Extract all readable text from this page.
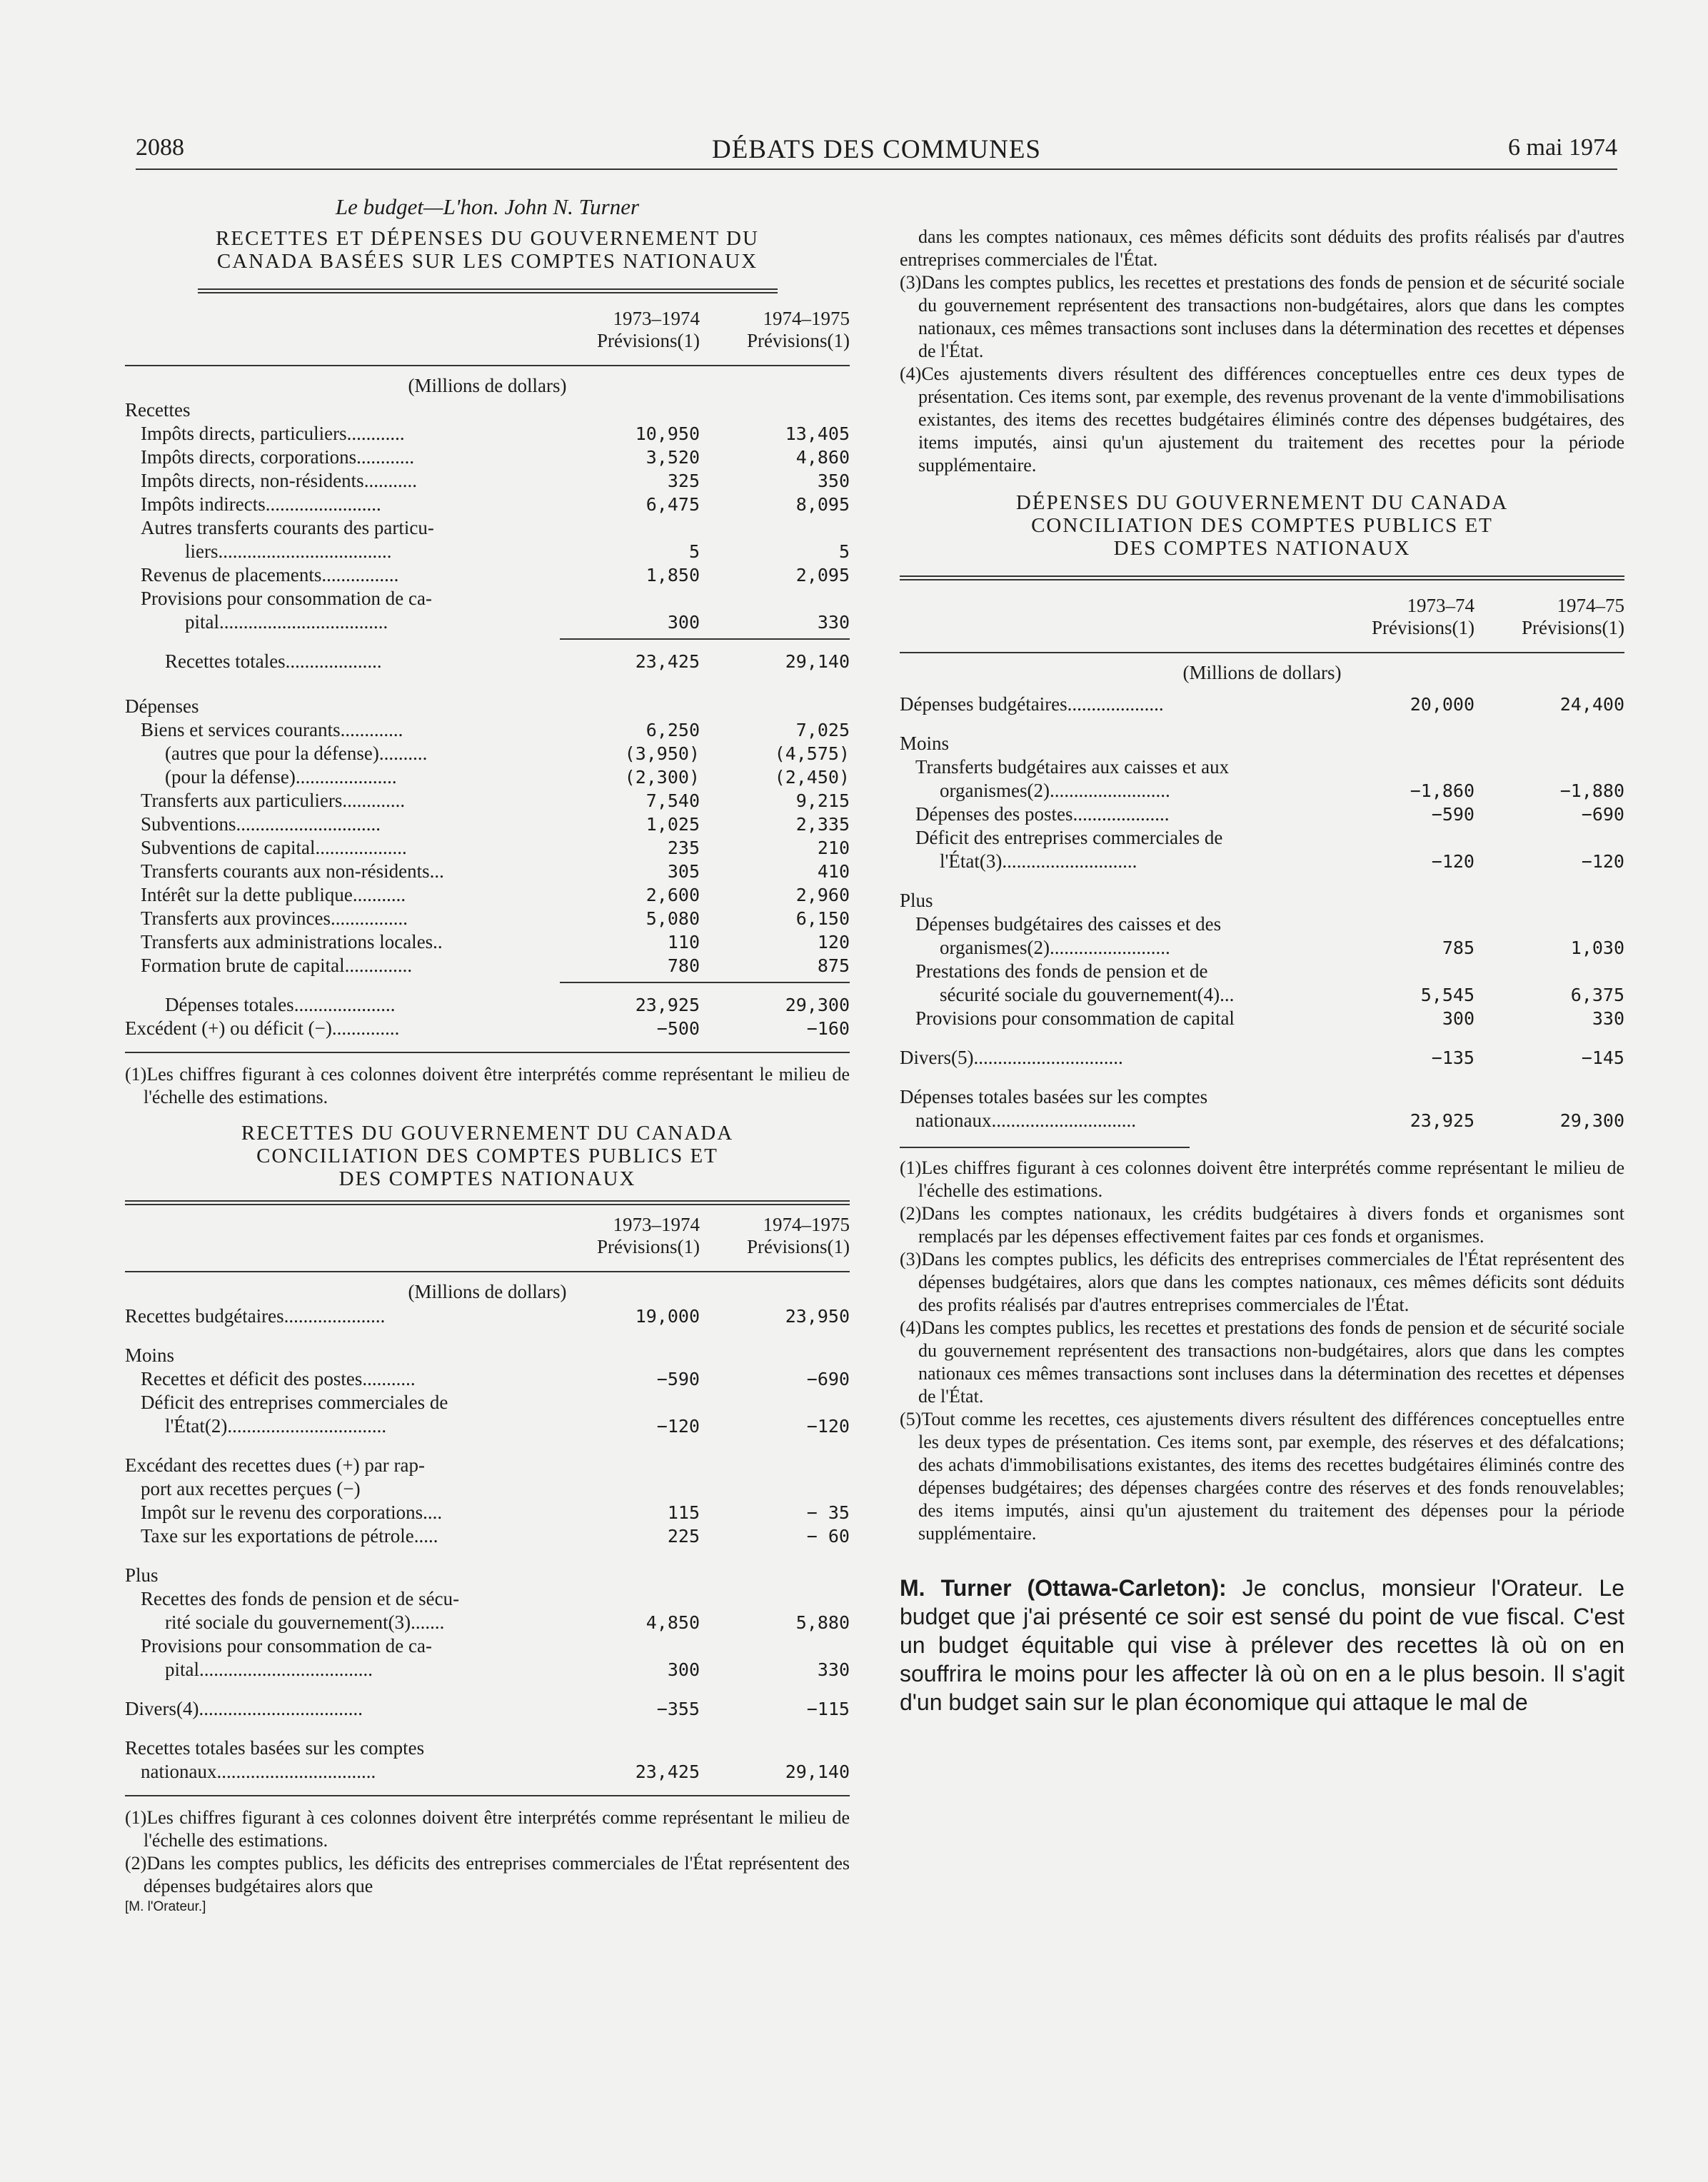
2088	DÉBATS DES COMMUNES	6 mai 1974
Le budget—L'hon. John N. Turner
RECETTES ET DÉPENSES DU GOUVERNEMENT DU
CANADA BASÉES SUR LES COMPTES NATIONAUX
1973–1974	1974–1975
Prévisions(1)	Prévisions(1)
(Millions de dollars)
Recettes
Impôts directs, particuliers............	10,950	13,405
Impôts directs, corporations............	3,520	4,860
Impôts directs, non-résidents...........	325	350
Impôts indirects........................	6,475	8,095
Autres transferts courants des particu-
liers....................................	5	5
Revenus de placements................	1,850	2,095
Provisions pour consommation de ca-
pital...................................	300	330
Recettes totales....................	23,425	29,140
Dépenses
Biens et services courants.............	6,250	7,025
(autres que pour la défense)..........	(3,950)	(4,575)
(pour la défense).....................	(2,300)	(2,450)
Transferts aux particuliers.............	7,540	9,215
Subventions..............................	1,025	2,335
Subventions de capital...................	235	210
Transferts courants aux non-résidents...	305	410
Intérêt sur la dette publique...........	2,600	2,960
Transferts aux provinces................	5,080	6,150
Transferts aux administrations locales..	110	120
Formation brute de capital..............	780	875
Dépenses totales.....................	23,925	29,300
Excédent (+) ou déficit (−)..............	−500	−160
(1)Les chiffres figurant à ces colonnes doivent être interprétés comme représentant le milieu de l'échelle des estimations.
RECETTES DU GOUVERNEMENT DU CANADA
CONCILIATION DES COMPTES PUBLICS ET
DES COMPTES NATIONAUX
1973–1974	1974–1975
Prévisions(1)	Prévisions(1)
(Millions de dollars)
Recettes budgétaires.....................	19,000	23,950
Moins
Recettes et déficit des postes...........	−590	−690
Déficit des entreprises commerciales de
l'État(2).................................	−120	−120
Excédant des recettes dues (+) par rap-
port aux recettes perçues (−)
Impôt sur le revenu des corporations....	115	− 35
Taxe sur les exportations de pétrole.....	225	− 60
Plus
Recettes des fonds de pension et de sécu-
rité sociale du gouvernement(3).......	4,850	5,880
Provisions pour consommation de ca-
pital....................................	300	330
Divers(4)..................................	−355	−115
Recettes totales basées sur les comptes
nationaux.................................	23,425	29,140
(1)Les chiffres figurant à ces colonnes doivent être interprétés comme représentant le milieu de l'échelle des estimations.
(2)Dans les comptes publics, les déficits des entreprises commerciales de l'État représentent des dépenses budgétaires alors que
[M. l'Orateur.]
dans les comptes nationaux, ces mêmes déficits sont déduits des profits réalisés par d'autres entreprises commerciales de l'État.
(3)Dans les comptes publics, les recettes et prestations des fonds de pension et de sécurité sociale du gouvernement représentent des transactions non-budgétaires, alors que dans les comptes nationaux, ces mêmes transactions sont incluses dans la détermination des recettes et dépenses de l'État.
(4)Ces ajustements divers résultent des différences conceptuelles entre ces deux types de présentation. Ces items sont, par exemple, des revenus provenant de la vente d'immobilisations existantes, des items des recettes budgétaires éliminés contre des dépenses budgétaires, des items imputés, ainsi qu'un ajustement du traitement des recettes pour la période supplémentaire.
DÉPENSES DU GOUVERNEMENT DU CANADA
CONCILIATION DES COMPTES PUBLICS ET
DES COMPTES NATIONAUX
1973–74	1974–75
Prévisions(1)	Prévisions(1)
(Millions de dollars)
Dépenses budgétaires....................	20,000	24,400
Moins
Transferts budgétaires aux caisses et aux
organismes(2).........................	−1,860	−1,880
Dépenses des postes....................	−590	−690
Déficit des entreprises commerciales de
l'État(3)............................	−120	−120
Plus
Dépenses budgétaires des caisses et des
organismes(2).........................	785	1,030
Prestations des fonds de pension et de
sécurité sociale du gouvernement(4)...	5,545	6,375
Provisions pour consommation de capital	300	330
Divers(5)...............................	−135	−145
Dépenses totales basées sur les comptes
nationaux..............................	23,925	29,300
(1)Les chiffres figurant à ces colonnes doivent être interprétés comme représentant le milieu de l'échelle des estimations.
(2)Dans les comptes nationaux, les crédits budgétaires à divers fonds et organismes sont remplacés par les dépenses effectivement faites par ces fonds et organismes.
(3)Dans les comptes publics, les déficits des entreprises commerciales de l'État représentent des dépenses budgétaires, alors que dans les comptes nationaux, ces mêmes déficits sont déduits des profits réalisés par d'autres entreprises commerciales de l'État.
(4)Dans les comptes publics, les recettes et prestations des fonds de pension et de sécurité sociale du gouvernement représentent des transactions non-budgétaires, alors que dans les comptes nationaux ces mêmes transactions sont incluses dans la détermination des recettes et dépenses de l'État.
(5)Tout comme les recettes, ces ajustements divers résultent des différences conceptuelles entre les deux types de présentation. Ces items sont, par exemple, des réserves et des défalcations; des achats d'immobilisations existantes, des items des recettes budgétaires éliminés contre des dépenses budgétaires; des dépenses chargées contre des réserves et des fonds renouvelables; des items imputés, ainsi qu'un ajustement du traitement des dépenses pour la période supplémentaire.
M. Turner (Ottawa-Carleton): Je conclus, monsieur l'Orateur. Le budget que j'ai présenté ce soir est sensé du point de vue fiscal. C'est un budget équitable qui vise à prélever des recettes là où on en souffrira le moins pour les affecter là où on en a le plus besoin. Il s'agit d'un budget sain sur le plan économique qui attaque le mal de
